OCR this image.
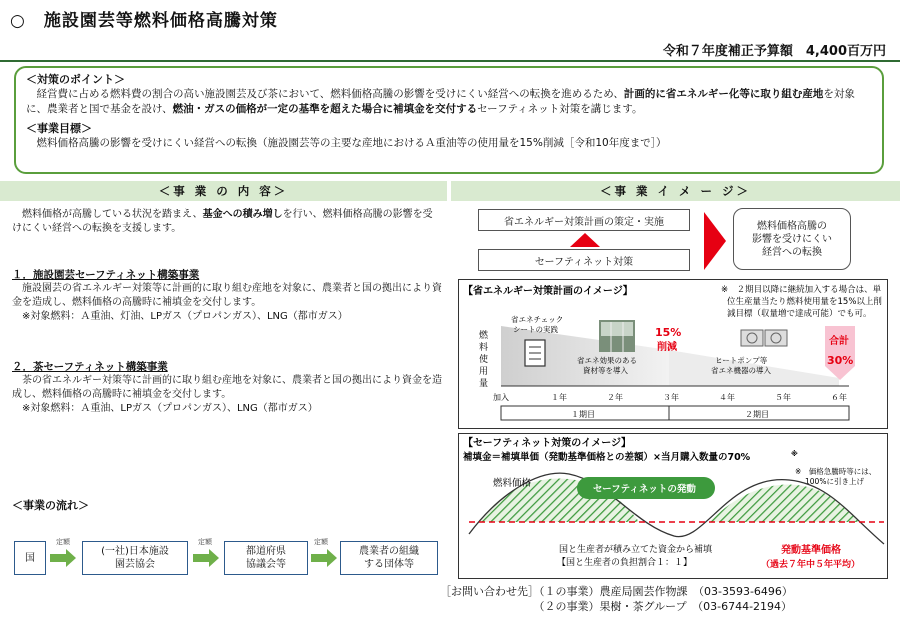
○　施設園芸等燃料価格高騰対策
令和７年度補正予算額　4,400百万円
＜対策のポイント＞
　経営費に占める燃料費の割合の高い施設園芸及び茶において、燃料価格高騰の影響を受けにくい経営への転換を進めるため、計画的に省エネルギー化等に取り組む産地を対象に、農業者と国で基金を設け、燃油・ガスの価格が一定の基準を超えた場合に補填金を交付するセーフティネット対策を講じます。
＜事業目標＞
　燃料価格高騰の影響を受けにくい経営への転換（施設園芸等の主要な産地におけるＡ重油等の使用量を15%削減［令和10年度まで］）
＜事 業 の 内 容＞	＜事 業 イ メ ー ジ＞
　燃料価格が高騰している状況を踏まえ、基金への積み増しを行い、燃料価格高騰の影響を受けにくい経営への転換を支援します。
１．施設園芸セーフティネット構築事業
　施設園芸の省エネルギー対策等に計画的に取り組む産地を対象に、農業者と国の拠出により資金を造成し、燃料価格の高騰時に補填金を交付します。
　※対象燃料：Ａ重油、灯油、LPガス（プロパンガス）、LNG（都市ガス）
２．茶セーフティネット構築事業
　茶の省エネルギー対策等に計画的に取り組む産地を対象に、農業者と国の拠出により資金を造成し、燃料価格の高騰時に補填金を交付します。
　※対象燃料：Ａ重油、LPガス（プロパンガス）、LNG（都市ガス）
＜事業の流れ＞
国
(一社)日本施設
園芸協会
都道府県
協議会等
農業者の組織
する団体等
定額	定額	定額
省エネルギー対策計画の策定・実施
セーフティネット対策
燃料価格高騰の
影響を受けにくい
経営への転換
【省エネルギー対策計画のイメージ】	※　２期目以降に継続加入する場合は、単
位生産量当たり燃料使用量を15%以上削
減目標（収量増で達成可能）でも可。
燃
料
使
用
量
省エネチェック
シートの実践
省エネ効果のある
資材等を導入
15%
削減
ヒートポンプ等
省エネ機器の導入
合計
30%
加入	１年	２年	３年	４年	５年	６年
１期目	２期目
【セーフティネット対策のイメージ】
補填金＝補填単価（発動基準価格との差額）×当月購入数量の70%	※
※　価格急騰時等には、
100%に引き上げ
燃料価格
セーフティネットの発動
国と生産者が積み立てた資金から補填
【国と生産者の負担割合１：１】
発動基準価格
（過去７年中５年平均）
［お問い合わせ先］（１の事業）農産局園芸作物課　 （03-3593-6496）
　　　　　　　　　（２の事業）果樹・茶グループ　 （03-6744-2194）
